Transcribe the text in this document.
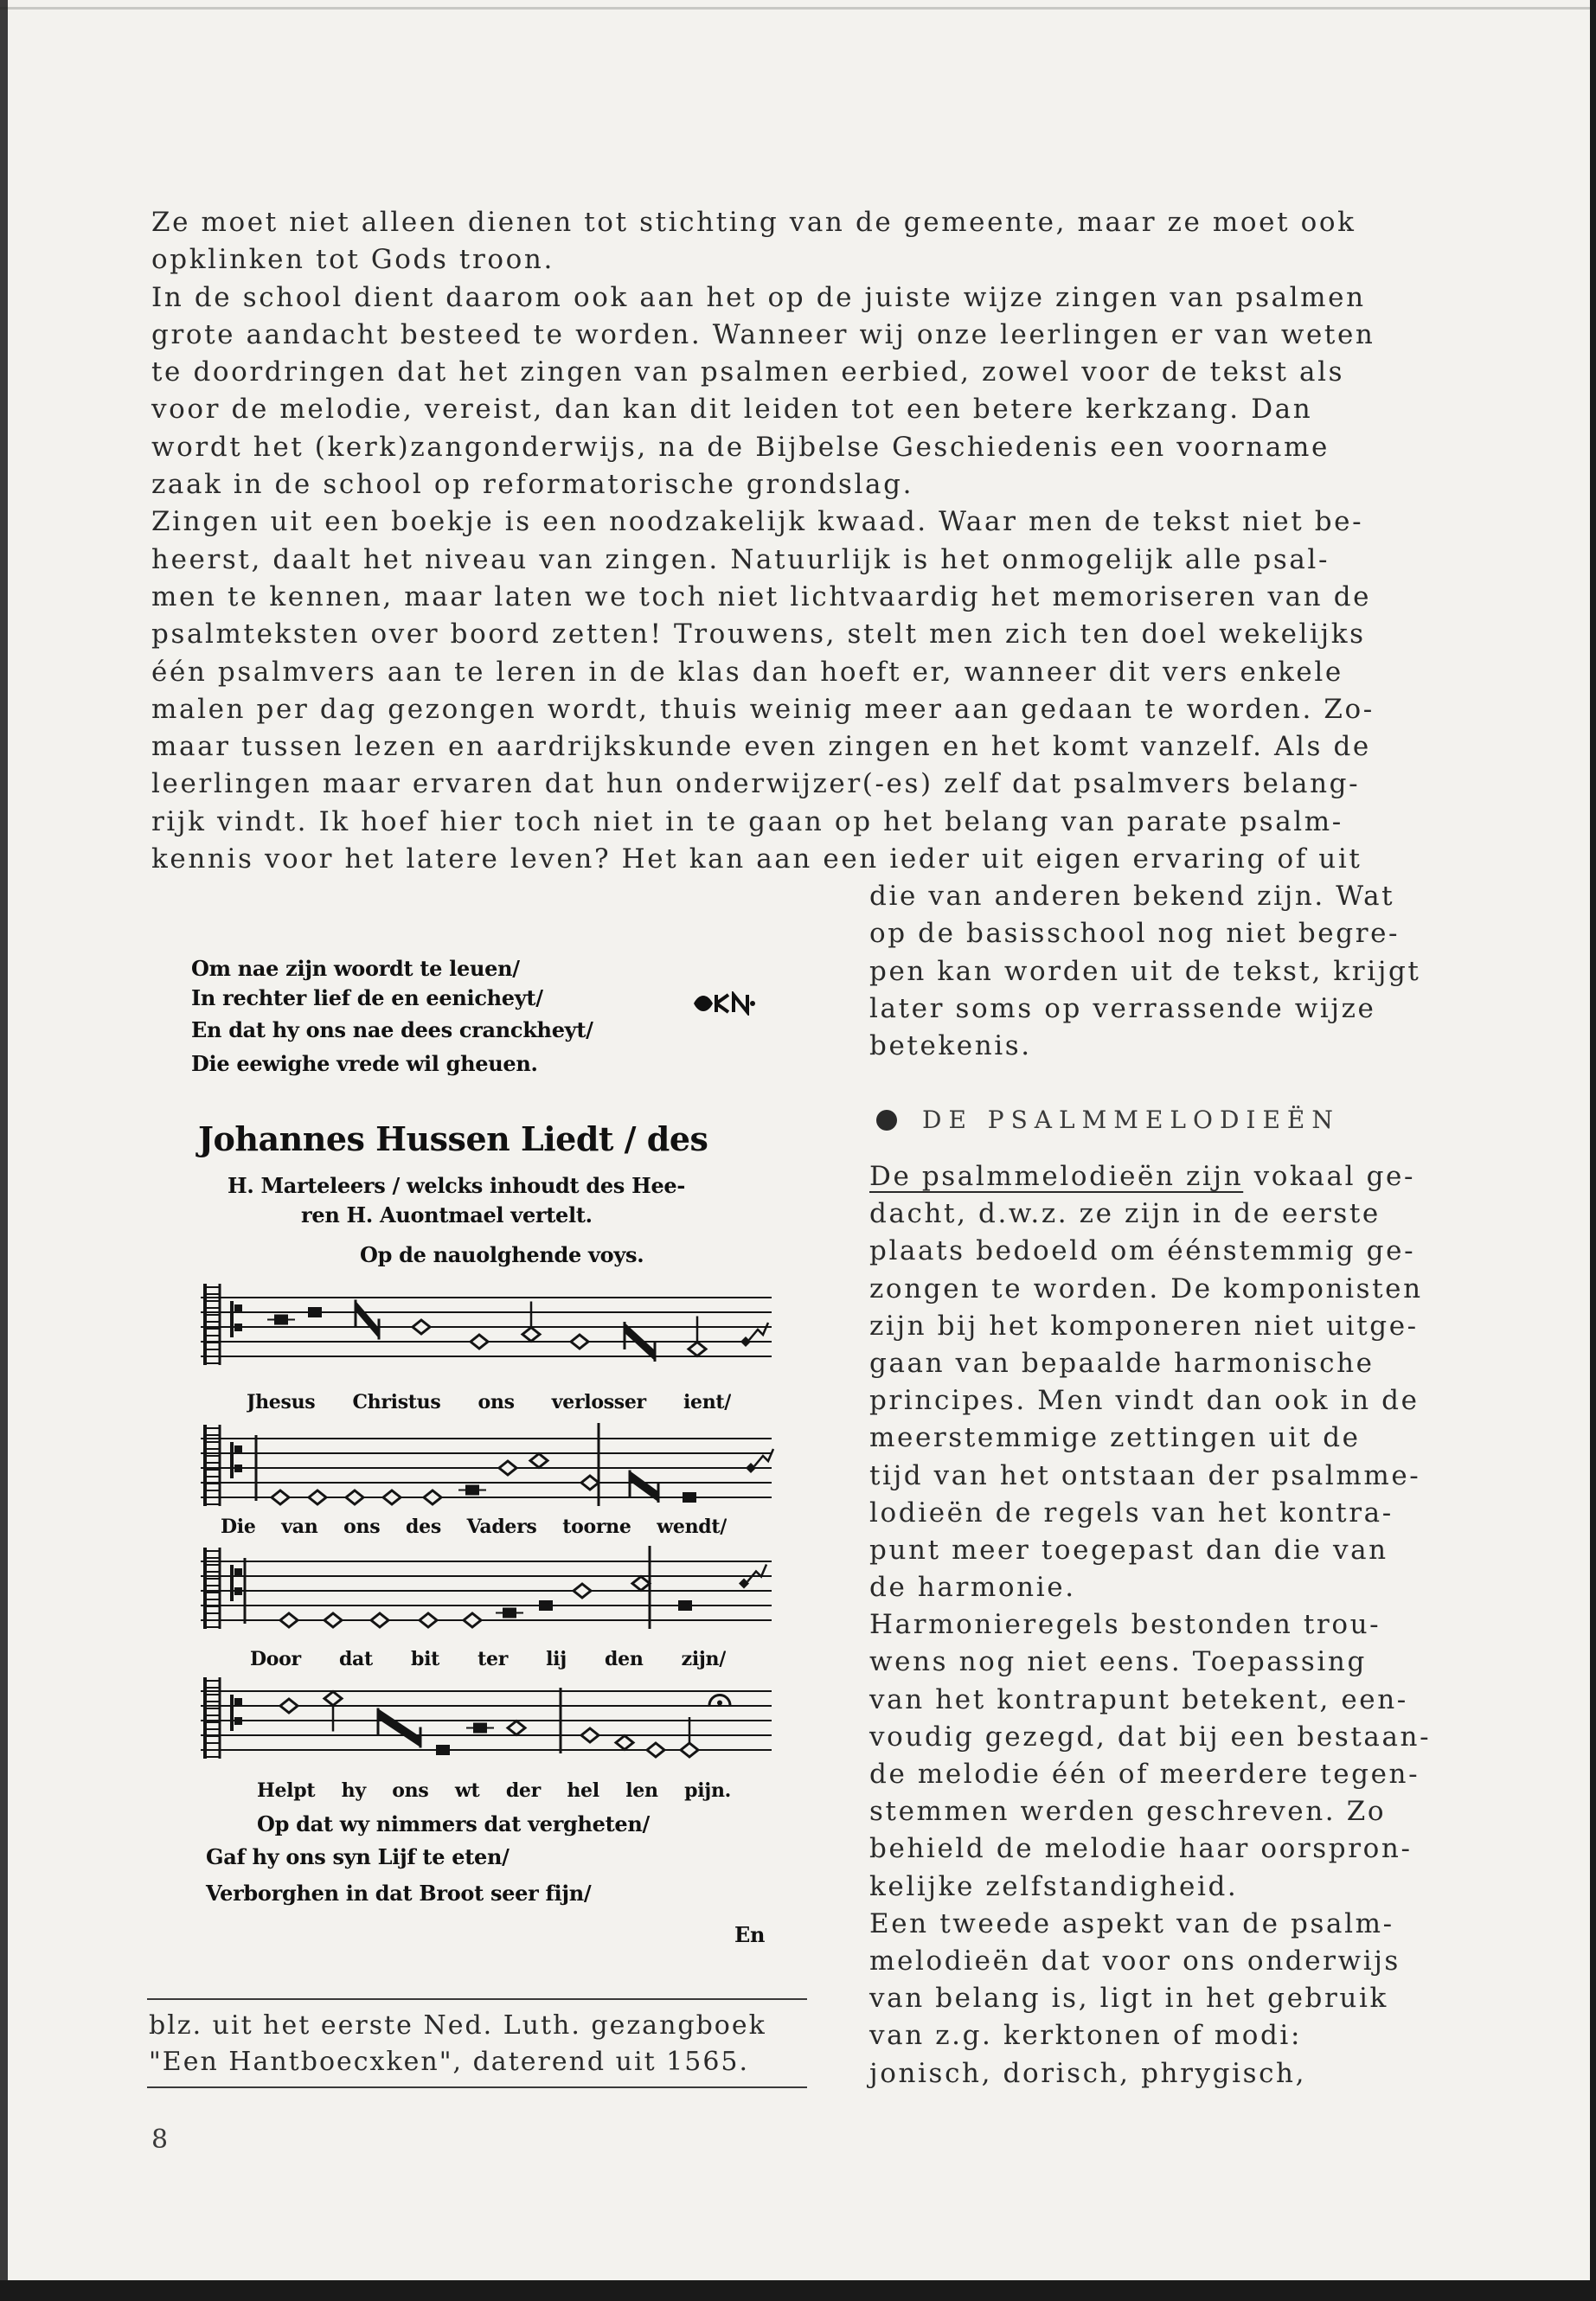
Ze moet niet alleen dienen tot stichting van de gemeente, maar ze moet ook
opklinken tot Gods troon.
In de school dient daarom ook aan het op de juiste wijze zingen van psalmen
grote aandacht besteed te worden. Wanneer wij onze leerlingen er van weten
te doordringen dat het zingen van psalmen eerbied, zowel voor de tekst als
voor de melodie, vereist, dan kan dit leiden tot een betere kerkzang. Dan
wordt het (kerk)zangonderwijs, na de Bijbelse Geschiedenis een voorname
zaak in de school op reformatorische grondslag.
Zingen uit een boekje is een noodzakelijk kwaad. Waar men de tekst niet be-
heerst, daalt het niveau van zingen. Natuurlijk is het onmogelijk alle psal-
men te kennen, maar laten we toch niet lichtvaardig het memoriseren van de
psalmteksten over boord zetten! Trouwens, stelt men zich ten doel wekelijks
één psalmvers aan te leren in de klas dan hoeft er, wanneer dit vers enkele
malen per dag gezongen wordt, thuis weinig meer aan gedaan te worden. Zo-
maar tussen lezen en aardrijkskunde even zingen en het komt vanzelf. Als de
leerlingen maar ervaren dat hun onderwijzer(-es) zelf dat psalmvers belang-
rijk vindt. Ik hoef hier toch niet in te gaan op het belang van parate psalm-
kennis voor het latere leven? Het kan aan een ieder uit eigen ervaring of uit
die van anderen bekend zijn. Wat
op de basisschool nog niet begre-
pen kan worden uit de tekst, krijgt
later soms op verrassende wijze
betekenis.
DE PSALMMELODIEËN
De psalmmelodieën zijn vokaal ge-
dacht, d.w.z. ze zijn in de eerste
plaats bedoeld om éénstemmig ge-
zongen te worden. De komponisten
zijn bij het komponeren niet uitge-
gaan van bepaalde harmonische
principes. Men vindt dan ook in de
meerstemmige zettingen uit de
tijd van het ontstaan der psalmme-
lodieën de regels van het kontra-
punt meer toegepast dan die van
de harmonie.
Harmonieregels bestonden trou-
wens nog niet eens. Toepassing
van het kontrapunt betekent, een-
voudig gezegd, dat bij een bestaan-
de melodie één of meerdere tegen-
stemmen werden geschreven. Zo
behield de melodie haar oorspron-
kelijke zelfstandigheid.
Een tweede aspekt van de psalm-
melodieën dat voor ons onderwijs
van belang is, ligt in het gebruik
van z.g. kerktonen of modi:
jonisch, dorisch, phrygisch,
Om nae zijn woordt te leuen/
In rechter lief de en eenicheyt/
En dat hy ons nae dees cranckheyt/
Die eewighe vrede wil gheuen.
Johannes Hussen Liedt / des
H. Marteleers / welcks inhoudt des Hee-
ren H. Auontmael vertelt.
Op de nauolghende voys.
Jhesus Christus ons verlosser ient/
Die van ons des Vaders toorne wendt/
Door dat bit ter lij den zijn/
Helpt hy ons wt der hel len pijn.
Op dat wy nimmers dat vergheten/
Gaf hy ons syn Lijf te eten/
Verborghen in dat Broot seer fijn/
En
blz. uit het eerste Ned. Luth. gezangboek
"Een Hantboecxken", daterend uit 1565.
8
